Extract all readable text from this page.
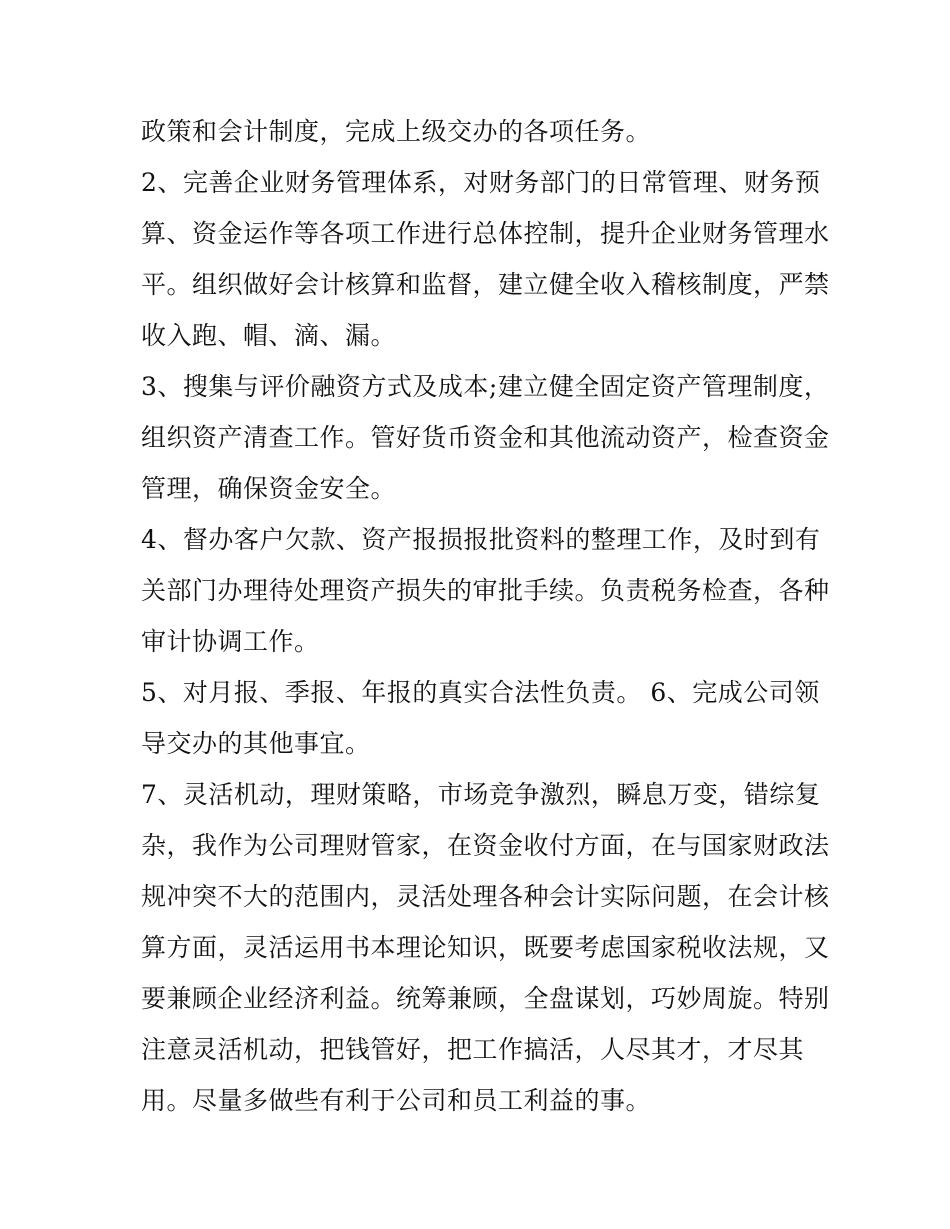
政策和会计制度，完成上级交办的各项任务。
2、完善企业财务管理体系，对财务部门的日常管理、财务预
算、资金运作等各项工作进行总体控制，提升企业财务管理水
平。组织做好会计核算和监督，建立健全收入稽核制度，严禁
收入跑、帽、滴、漏。
3、搜集与评价融资方式及成本;建立健全固定资产管理制度，
组织资产清查工作。管好货币资金和其他流动资产，检查资金
管理，确保资金安全。
4、督办客户欠款、资产报损报批资料的整理工作，及时到有
关部门办理待处理资产损失的审批手续。负责税务检查，各种
审计协调工作。
5、对月报、季报、年报的真实合法性负责。 6、完成公司领
导交办的其他事宜。
7、灵活机动，理财策略，市场竞争激烈，瞬息万变，错综复
杂，我作为公司理财管家，在资金收付方面，在与国家财政法
规冲突不大的范围内，灵活处理各种会计实际问题，在会计核
算方面，灵活运用书本理论知识，既要考虑国家税收法规，又
要兼顾企业经济利益。统筹兼顾，全盘谋划，巧妙周旋。特别
注意灵活机动，把钱管好，把工作搞活，人尽其才，才尽其
用。尽量多做些有利于公司和员工利益的事。
